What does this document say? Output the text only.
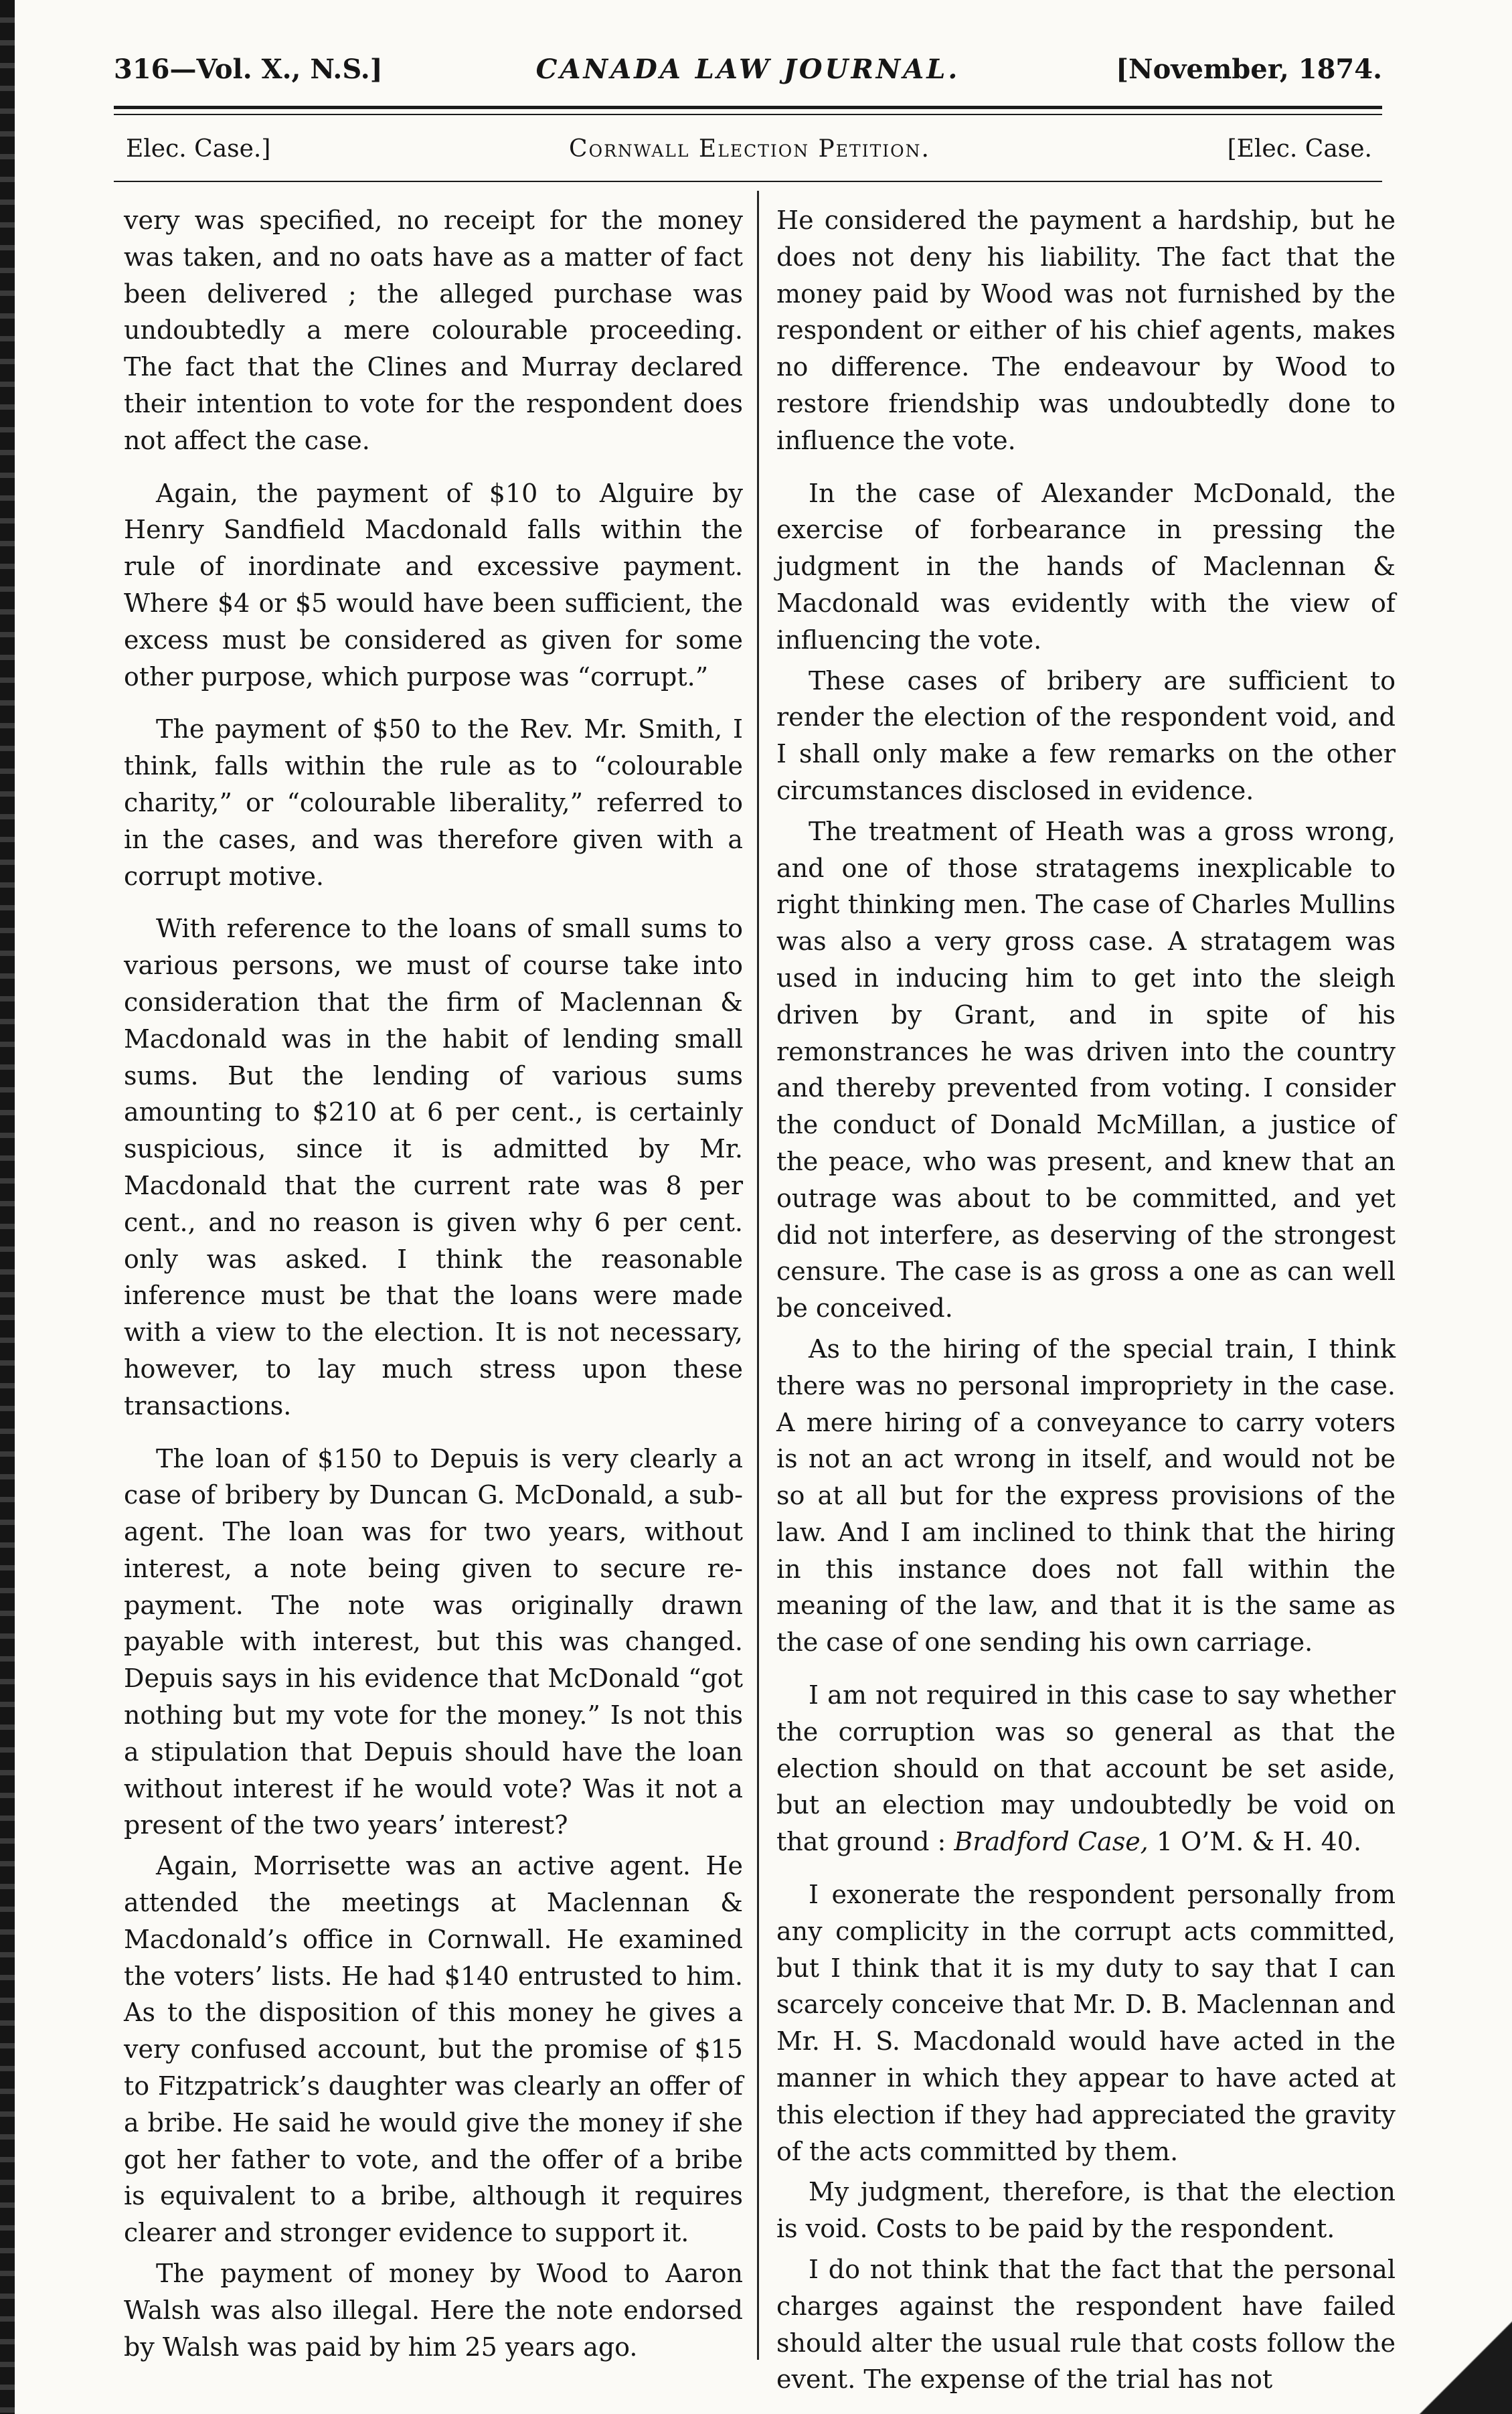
316—Vol. X., N.S.]	CANADA LAW JOURNAL.	[November, 1874.
Elec. Case.]	Cornwall Election Petition.	[Elec. Case.

very was specified, no receipt for the money was taken, and no oats have as a matter of fact been delivered ; the alleged purchase was undoubtedly a mere colourable proceeding. The fact that the Clines and Murray declared their intention to vote for the respondent does not affect the case.

Again, the payment of $10 to Alguire by Henry Sandfield Macdonald falls within the rule of inordinate and excessive payment. Where $4 or $5 would have been sufficient, the excess must be considered as given for some other purpose, which purpose was “corrupt.”

The payment of $50 to the Rev. Mr. Smith, I think, falls within the rule as to “colourable charity,” or “colourable liberality,” referred to in the cases, and was therefore given with a corrupt motive.

With reference to the loans of small sums to various persons, we must of course take into consideration that the firm of Maclennan & Macdonald was in the habit of lending small sums. But the lending of various sums amounting to $210 at 6 per cent., is certainly suspicious, since it is admitted by Mr. Macdonald that the current rate was 8 per cent., and no reason is given why 6 per cent. only was asked. I think the reasonable inference must be that the loans were made with a view to the election. It is not necessary, however, to lay much stress upon these transactions.

The loan of $150 to Depuis is very clearly a case of bribery by Duncan G. McDonald, a sub-agent. The loan was for two years, without interest, a note being given to secure re-payment. The note was originally drawn payable with interest, but this was changed. Depuis says in his evidence that McDonald “got nothing but my vote for the money.” Is not this a stipulation that Depuis should have the loan without interest if he would vote? Was it not a present of the two years’ interest?

Again, Morrisette was an active agent. He attended the meetings at Maclennan & Macdonald’s office in Cornwall. He examined the voters’ lists. He had $140 entrusted to him. As to the disposition of this money he gives a very confused account, but the promise of $15 to Fitzpatrick’s daughter was clearly an offer of a bribe. He said he would give the money if she got her father to vote, and the offer of a bribe is equivalent to a bribe, although it requires clearer and stronger evidence to support it.

The payment of money by Wood to Aaron Walsh was also illegal. Here the note endorsed by Walsh was paid by him 25 years ago.

He considered the payment a hardship, but he does not deny his liability. The fact that the money paid by Wood was not furnished by the respondent or either of his chief agents, makes no difference. The endeavour by Wood to restore friendship was undoubtedly done to influence the vote.

In the case of Alexander McDonald, the exercise of forbearance in pressing the judgment in the hands of Maclennan & Macdonald was evidently with the view of influencing the vote.

These cases of bribery are sufficient to render the election of the respondent void, and I shall only make a few remarks on the other circumstances disclosed in evidence.

The treatment of Heath was a gross wrong, and one of those stratagems inexplicable to right thinking men. The case of Charles Mullins was also a very gross case. A stratagem was used in inducing him to get into the sleigh driven by Grant, and in spite of his remonstrances he was driven into the country and thereby prevented from voting. I consider the conduct of Donald McMillan, a justice of the peace, who was present, and knew that an outrage was about to be committed, and yet did not interfere, as deserving of the strongest censure. The case is as gross a one as can well be conceived.

As to the hiring of the special train, I think there was no personal impropriety in the case. A mere hiring of a conveyance to carry voters is not an act wrong in itself, and would not be so at all but for the express provisions of the law. And I am inclined to think that the hiring in this instance does not fall within the meaning of the law, and that it is the same as the case of one sending his own carriage.

I am not required in this case to say whether the corruption was so general as that the election should on that account be set aside, but an election may undoubtedly be void on that ground : Bradford Case, 1 O’M. & H. 40.

I exonerate the respondent personally from any complicity in the corrupt acts committed, but I think that it is my duty to say that I can scarcely conceive that Mr. D. B. Maclennan and Mr. H. S. Macdonald would have acted in the manner in which they appear to have acted at this election if they had appreciated the gravity of the acts committed by them.

My judgment, therefore, is that the election is void. Costs to be paid by the respondent.

I do not think that the fact that the personal charges against the respondent have failed should alter the usual rule that costs follow the event. The expense of the trial has not
